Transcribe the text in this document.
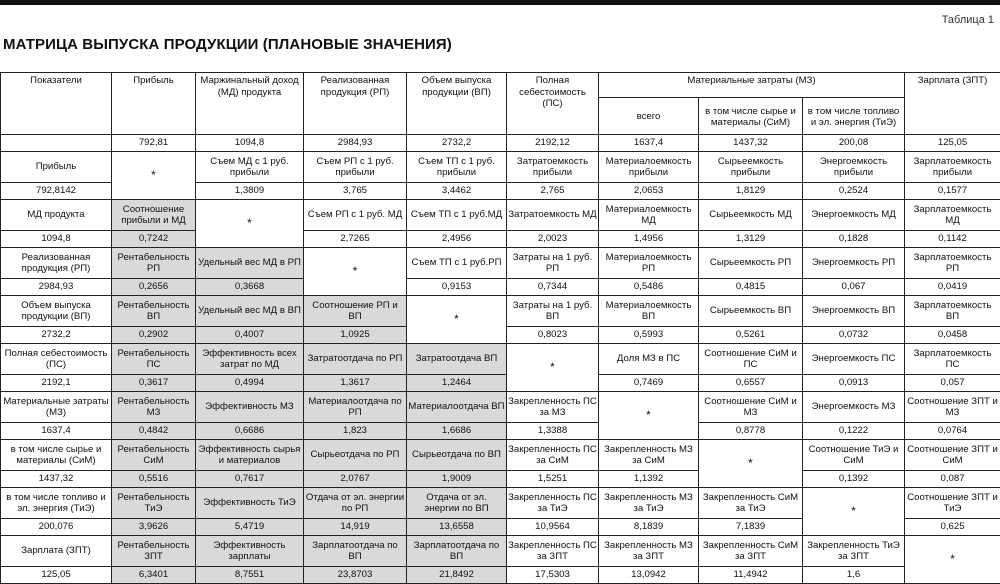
Таблица 1
МАТРИЦА ВЫПУСКА ПРОДУКЦИИ (ПЛАНОВЫЕ ЗНАЧЕНИЯ)
Показатели	Прибыль	Маржинальный доход (МД) продукта	Реализованная продукция (РП)	Объем выпуска продукции (ВП)	Полная себестоимость (ПС)	Материальные затраты (МЗ)			Зарплата (ЗПТ)
						всего	в том числе сырье и материалы (СиМ)	в том числе топливо и эл. энергия (ТиЭ)	
	792,81	1094,8	2984,93	2732,2	2192,12	1637,4	1437,32	200,08	125,05
Прибыль	*	Съем МД с 1 руб. прибыли	Съем РП с 1 руб. прибыли	Съем ТП с 1 руб. прибыли	Затратоемкость прибыли	Материалоемкость прибыли	Сырьеемкость прибыли	Энергоемкость прибыли	Зарплатоемкость прибыли
792,8142		1,3809	3,765	3,4462	2,765	2,0653	1,8129	0,2524	0,1577
МД продукта	Соотношение прибыли и МД	*	Съем РП с 1 руб. МД	Съем ТП с 1 руб.МД	Затратоемкость МД	Материалоемкость МД	Сырьеемкость МД	Энергоемкость МД	Зарплатоемкость МД
1094,8	0,7242		2,7265	2,4956	2,0023	1,4956	1,3129	0,1828	0,1142
Реализованная продукция (РП)	Рентабельность РП	Удельный вес МД в РП	*	Съем ТП с 1 руб.РП	Затраты на 1 руб. РП	Материалоемкость РП	Сырьеемкость РП	Энергоемкость РП	Зарплатоемкость РП
2984,93	0,2656	0,3668		0,9153	0,7344	0,5486	0,4815	0,067	0,0419
Объем выпуска продукции (ВП)	Рентабельность ВП	Удельный вес МД в ВП	Соотношение РП и ВП	*	Затраты на 1 руб. ВП	Материалоемкость ВП	Сырьеемкость ВП	Энергоемкость ВП	Зарплатоемкость ВП
2732,2	0,2902	0,4007	1,0925		0,8023	0,5993	0,5261	0,0732	0,0458
Полная себестоимость (ПС)	Рентабельность ПС	Эффективность всех затрат по МД	Затратоотдача по РП	Затратоотдача ВП	*	Доля МЗ в ПС	Соотношение СиМ и ПС	Энергоемкость ПС	Зарплатоемкость ПС
2192,1	0,3617	0,4994	1,3617	1,2464		0,7469	0,6557	0,0913	0,057
Материальные затраты (МЗ)	Рентабельность МЗ	Эффективность МЗ	Материалоотдача по РП	Материалоотдача ВП	Закрепленность ПС за МЗ	*	Соотношение СиМ и МЗ	Энергоемкость МЗ	Соотношение ЗПТ и МЗ
1637,4	0,4842	0,6686	1,823	1,6686	1,3388		0,8778	0,1222	0,0764
в том числе сырье и материалы (СиМ)	Рентабельность СиМ	Эффективность сырья и материалов	Сырьеотдача по РП	Сырьеотдача по ВП	Закрепленность ПС за СиМ	Закрепленность МЗ за СиМ	*	Соотношение ТиЭ и СиМ	Соотношение ЗПТ и СиМ
1437,32	0,5516	0,7617	2,0767	1,9009	1,5251	1,1392		0,1392	0,087
в том числе топливо и эл. энергия (ТиЭ)	Рентабельность ТиЭ	Эффективность ТиЭ	Отдача от эл. энергии по РП	Отдача от эл. энергии по ВП	Закрепленность ПС за ТиЭ	Закрепленность МЗ за ТиЭ	Закрепленность СиМ за ТиЭ	*	Соотношение ЗПТ и ТиЭ
200,076	3,9626	5,4719	14,919	13,6558	10,9564	8,1839	7,1839		0,625
Зарплата (ЗПТ)	Рентабельность ЗПТ	Эффективность зарплаты	Зарплатоотдача по ВП	Зарплатоотдача по ВП	Закрепленность ПС за ЗПТ	Закрепленность МЗ за ЗПТ	Закрепленность СиМ за ЗПТ	Закрепленность ТиЭ за ЗПТ	*
125,05	6,3401	8,7551	23,8703	21,8492	17,5303	13,0942	11,4942	1,6	
